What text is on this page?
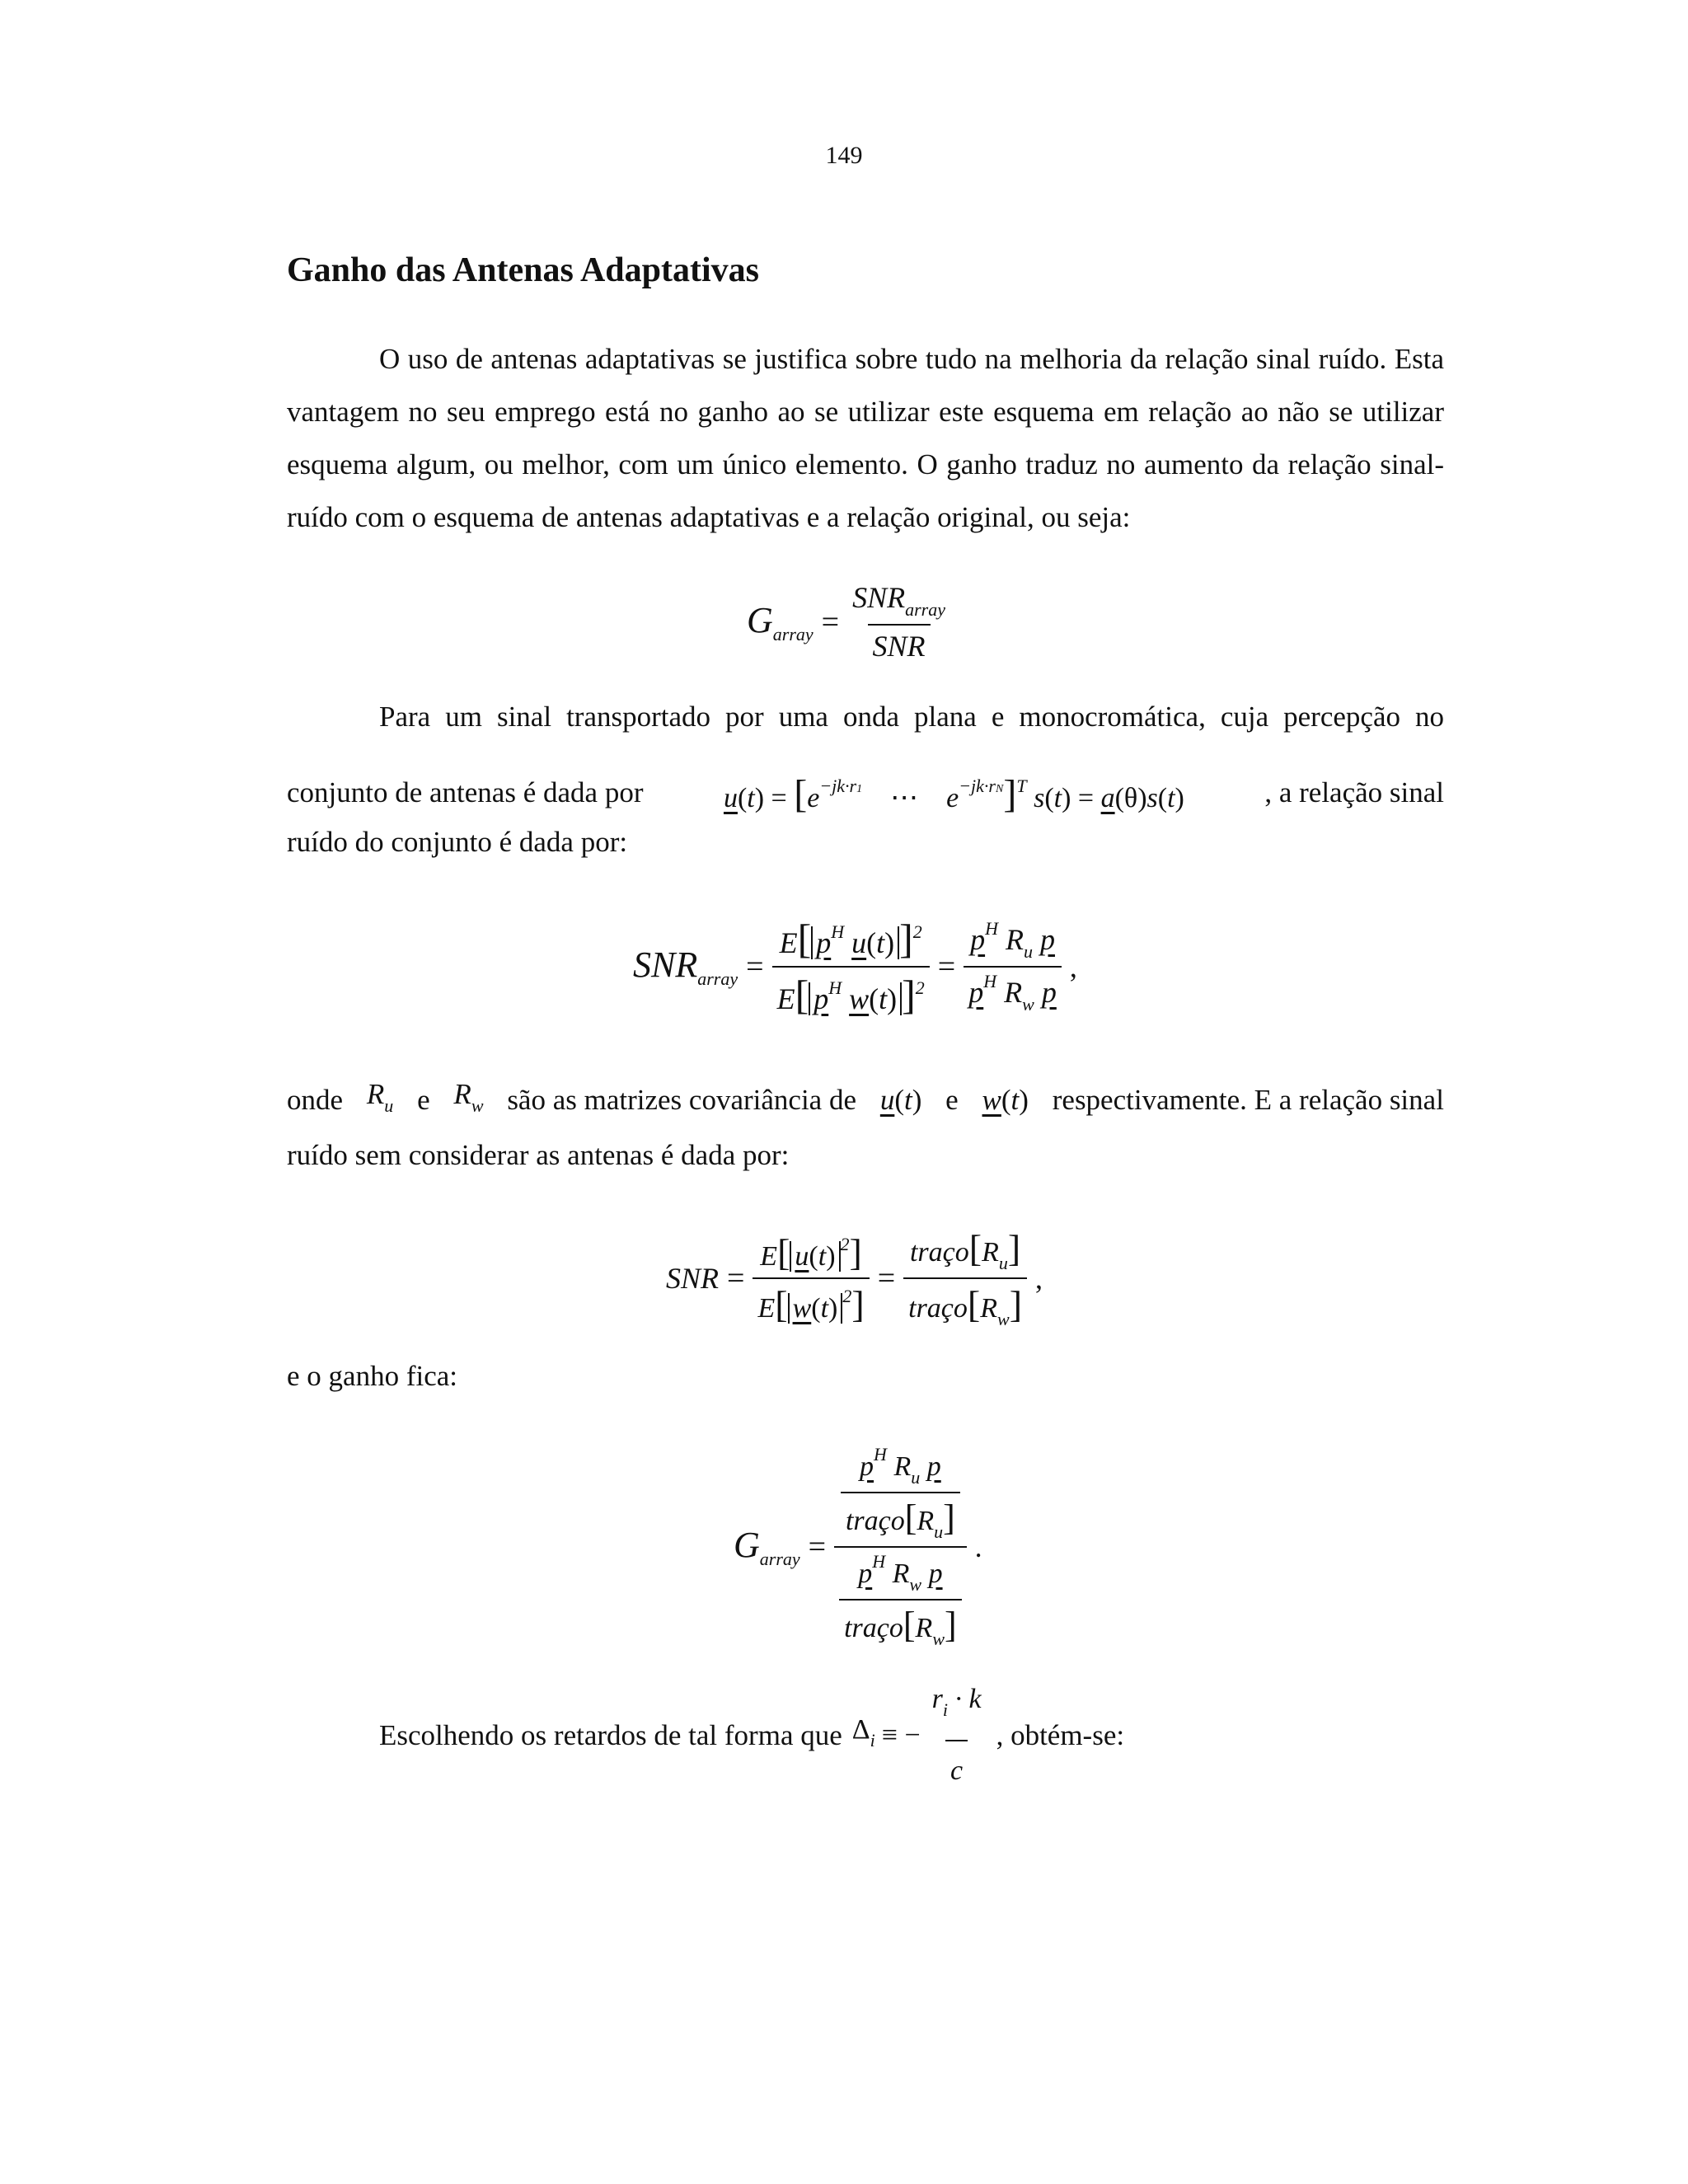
149
Ganho das Antenas Adaptativas

O uso de antenas adaptativas se justifica sobre tudo na melhoria da relação sinal ruído. Esta vantagem no seu emprego está no ganho ao se utilizar este esquema em relação ao não se utilizar esquema algum, ou melhor, com um único elemento. O ganho traduz no aumento da relação sinal-ruído com o esquema de antenas adaptativas e a relação original, ou seja:

$G_{array} = \frac{SNR_{array}}{\text{SNR}}$

Para um sinal transportado por uma onda plana e monocromática, cuja percepção no

conjunto de antenas é dada por	$u(t) = [e^{-jk\cdot r1}$    ⋯    $e^{-jk\cdot rN}]^T$ s(t) = a(θ)s(t)	, a relação sinal

ruído do conjunto é dada por:

$SNR_{array} = \frac{E[ p^H u(t) ]^2}{E[ p^H w(t) ]^2} = \frac{p^H R_u p}{p^H R_w p}$ ,
onde $R_u$ e $R_w$ são as matrizes covariância de u(t) e w(t) respectivamente. E a relação sinal

ruído sem considerar as antenas é dada por:

SNR = $\frac{E[ u(t) ^2]}{E[ w(t) ^2]} = \frac{traço[R_u]}{traço[R_w]}$ ,

e o ganho fica:

$G_{array} = \frac{\frac{p^H R_u p}{traço[R_u]}}{\frac{p^H R_w p}{traço[R_w]}}$ .
Escolhendo os retardos de tal forma que $\Delta_i$ ≡ − $\frac{r_i \cdot k}{c}$ , obtém-se:
